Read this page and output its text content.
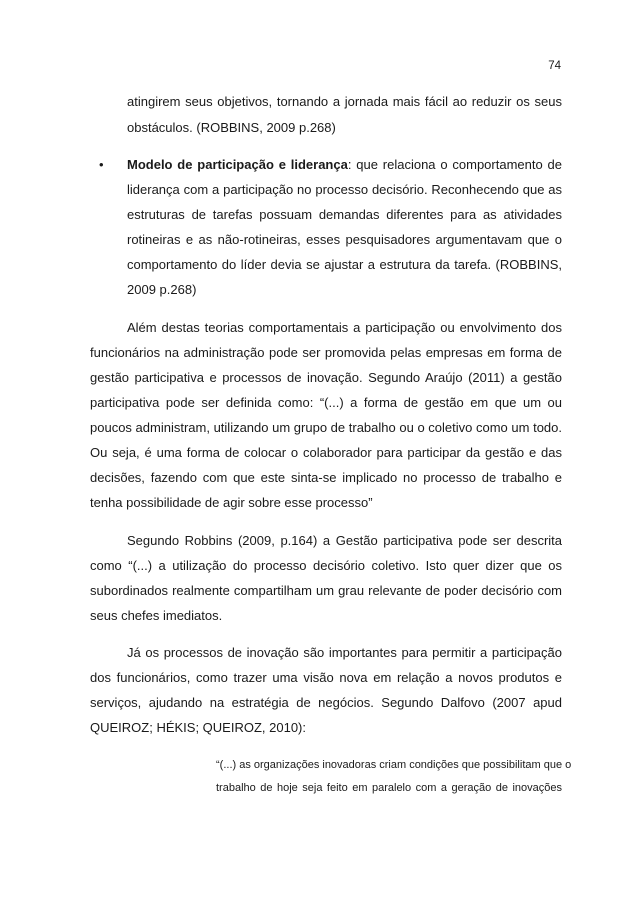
74
atingirem seus objetivos, tornando a jornada mais fácil ao reduzir os seus
obstáculos. (ROBBINS, 2009 p.268)
• Modelo de participação e liderança: que relaciona o comportamento de
liderança com a participação no processo decisório. Reconhecendo que as
estruturas de tarefas possuam demandas diferentes para as atividades
rotineiras e as não-rotineiras, esses pesquisadores argumentavam que o
comportamento do líder devia se ajustar a estrutura da tarefa. (ROBBINS,
2009 p.268)
Além destas teorias comportamentais a participação ou envolvimento dos
funcionários na administração pode ser promovida pelas empresas em forma de
gestão participativa e processos de inovação. Segundo Araújo (2011) a gestão
participativa pode ser definida como: “(...) a forma de gestão em que um ou
poucos administram, utilizando um grupo de trabalho ou o coletivo como um todo.
Ou seja, é uma forma de colocar o colaborador para participar da gestão e das
decisões, fazendo com que este sinta-se implicado no processo de trabalho e
tenha possibilidade de agir sobre esse processo”
Segundo Robbins (2009, p.164) a Gestão participativa pode ser descrita
como “(...) a utilização do processo decisório coletivo. Isto quer dizer que os
subordinados realmente compartilham um grau relevante de poder decisório com
seus chefes imediatos.
Já os processos de inovação são importantes para permitir a participação
dos funcionários, como trazer uma visão nova em relação a novos produtos e
serviços, ajudando na estratégia de negócios. Segundo Dalfovo (2007 apud
QUEIROZ; HÉKIS; QUEIROZ, 2010):
“(...) as organizações inovadoras criam condições que possibilitam que o
trabalho de hoje seja feito em paralelo com a geração de inovações
